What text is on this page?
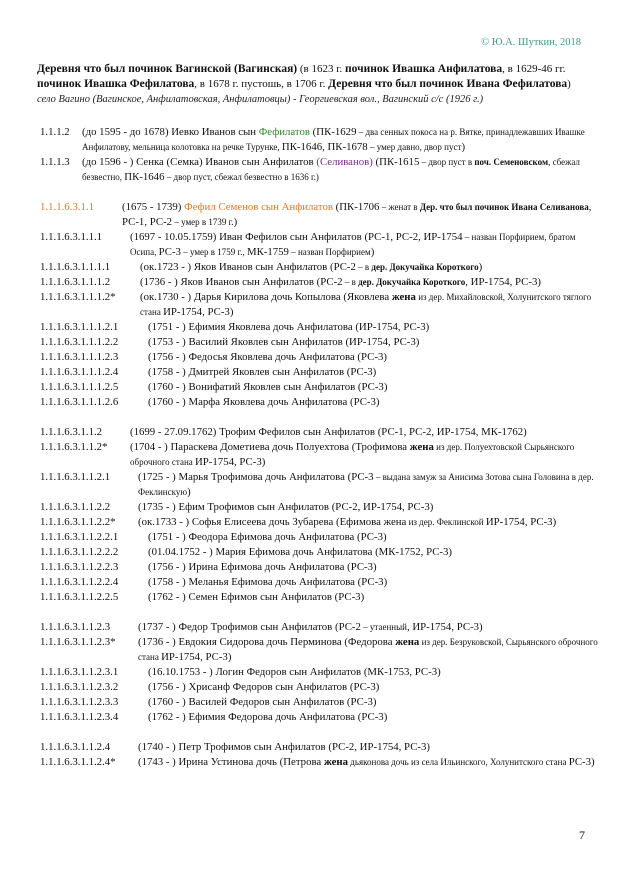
© Ю.А. Шуткин, 2018
Деревня что был починок Вагинской (Вагинская) (в 1623 г. починок Ивашка Анфилатова, в 1629-46 гг. починок Ивашка Фефилатова, в 1678 г. пустошь, в 1706 г. Деревня что был починок Ивана Фефилатова)
село Вагино (Вагинское, Анфилатовская, Анфилатовцы) - Георгиевская вол., Вагинский с/с (1926 г.)
1.1.1.2	(до 1595 - до 1678) Иевко Иванов сын Фефилатов (ПК-1629 – два сенных покоса на р. Вятке, принадлежавших Ивашке Анфилатову, мельница колотовка на речке Турунке, ПК-1646, ПК-1678 – умер давно, двор пуст)
1.1.1.3	(до 1596 - ) Сенка (Семка) Иванов сын Анфилатов (Селиванов) (ПК-1615 – двор пуст в поч. Семеновском, сбежал безвестно, ПК-1646 – двор пуст, сбежал безвестно в 1636 г.)
1.1.1.6.3.1.1	(1675 - 1739) Фефил Семенов сын Анфилатов (ПК-1706 – женат в Дер. что был починок Ивана Селиванова, РС-1, РС-2 – умер в 1739 г.)
1.1.1.6.3.1.1.1	(1697 - 10.05.1759) Иван Фефилов сын Анфилатов (РС-1, РС-2, ИР-1754 – назван Порфирием, братом Осипа, РС-3 – умер в 1759 г., МК-1759 – назван Порфирием)
1.1.1.6.3.1.1.1.1	(ок.1723 - ) Яков Иванов сын Анфилатов (РС-2 – в дер. Докучайка Короткого)
1.1.1.6.3.1.1.1.2	(1736 - ) Яков Иванов сын Анфилатов (РС-2 – в дер. Докучайка Короткого, ИР-1754, РС-3)
1.1.1.6.3.1.1.1.2*	(ок.1730 - ) Дарья Кирилова дочь Копылова (Яковлева жена из дер. Михайловской, Холунитского тяглого стана ИР-1754, РС-3)
1.1.1.6.3.1.1.1.2.1	(1751 - ) Ефимия Яковлева дочь Анфилатова (ИР-1754, РС-3)
1.1.1.6.3.1.1.1.2.2	(1753 - ) Василий Яковлев сын Анфилатов (ИР-1754, РС-3)
1.1.1.6.3.1.1.1.2.3	(1756 - ) Федосья Яковлева дочь Анфилатова (РС-3)
1.1.1.6.3.1.1.1.2.4	(1758 - ) Дмитрей Яковлев сын Анфилатов (РС-3)
1.1.1.6.3.1.1.1.2.5	(1760 - ) Вонифатий Яковлев сын Анфилатов (РС-3)
1.1.1.6.3.1.1.1.2.6	(1760 - ) Марфа Яковлева дочь Анфилатова (РС-3)
1.1.1.6.3.1.1.2	(1699 - 27.09.1762) Трофим Фефилов сын Анфилатов (РС-1, РС-2, ИР-1754, МК-1762)
1.1.1.6.3.1.1.2*	(1704 - ) Параскева Дометиева дочь Полуехтова (Трофимова жена из дер. Полуехтовской Сырьянского оброчного стана ИР-1754, РС-3)
1.1.1.6.3.1.1.2.1	(1725 - ) Марья Трофимова дочь Анфилатова (РС-3 – выдана замуж за Анисима Зотова сына Головина в дер. Феклинскую)
1.1.1.6.3.1.1.2.2	(1735 - ) Ефим Трофимов сын Анфилатов (РС-2, ИР-1754, РС-3)
1.1.1.6.3.1.1.2.2*	(ок.1733 - ) Софья Елисеева дочь Зубарева (Ефимова жена из дер. Феклинской ИР-1754, РС-3)
1.1.1.6.3.1.1.2.2.1	(1751 - ) Феодора Ефимова дочь Анфилатова (РС-3)
1.1.1.6.3.1.1.2.2.2	(01.04.1752 - ) Мария Ефимова дочь Анфилатова (МК-1752, РС-3)
1.1.1.6.3.1.1.2.2.3	(1756 - ) Ирина Ефимова дочь Анфилатова (РС-3)
1.1.1.6.3.1.1.2.2.4	(1758 - ) Меланья Ефимова дочь Анфилатова (РС-3)
1.1.1.6.3.1.1.2.2.5	(1762 - ) Семен Ефимов сын Анфилатов (РС-3)
1.1.1.6.3.1.1.2.3	(1737 - ) Федор Трофимов сын Анфилатов (РС-2 – утаенный, ИР-1754, РС-3)
1.1.1.6.3.1.1.2.3*	(1736 - ) Евдокия Сидорова дочь Перминова (Федорова жена из дер. Безруковской, Сырьянского оброчного стана ИР-1754, РС-3)
1.1.1.6.3.1.1.2.3.1	(16.10.1753 - ) Логин Федоров сын Анфилатов (МК-1753, РС-3)
1.1.1.6.3.1.1.2.3.2	(1756 - ) Хрисанф Федоров сын Анфилатов (РС-3)
1.1.1.6.3.1.1.2.3.3	(1760 - ) Василей Федоров сын Анфилатов (РС-3)
1.1.1.6.3.1.1.2.3.4	(1762 - ) Ефимия Федорова дочь Анфилатова (РС-3)
1.1.1.6.3.1.1.2.4	(1740 - ) Петр Трофимов сын Анфилатов (РС-2, ИР-1754, РС-3)
1.1.1.6.3.1.1.2.4*	(1743 - ) Ирина Устинова дочь (Петрова жена дьяконова дочь из села Ильинского, Холунитского стана РС-3)
7
